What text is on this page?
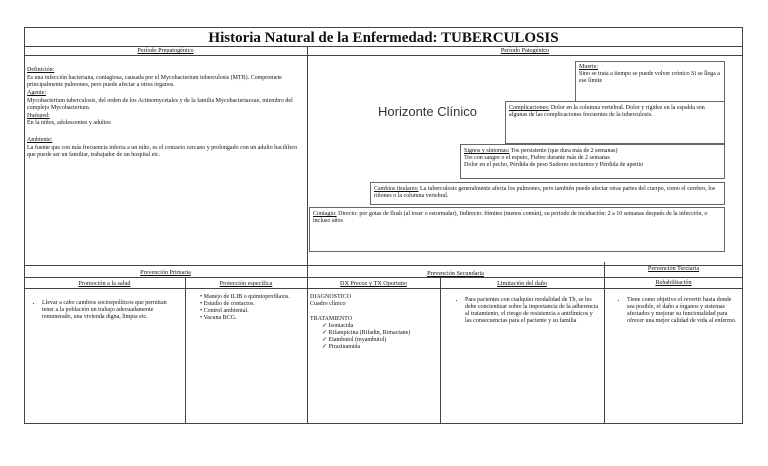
Historia Natural de la Enfermedad: TUBERCULOSIS
Período Prepatogénico
Definición:
Es una infección bacteriana, contagiosa, causada por el Mycobacterium tuberculosis (MTB). Compromete principalmente pulmones, pero puede afectar a otros órganos.
Agente:
Mycobacterium tuberculosis, del orden de los Actinomycetales y de la familia Mycobacteriaceae, miembro del complejo Mycobacterium.
Huésped:
En la niños, adolescentes y adultos
Ambiente:
La fuente que con más frecuencia infecta a un niño, es el contacto cercano y prolongado con un adulto bacilífero que puede ser un familiar, trabajador de un hospital etc.
Período Patogénico
Muerte:
Sino se trata a tiempo se puede volver crónico Si se llega a ese límite
Horizonte Clínico	Complicaciones: Dolor en la columna vertebral. Dolor y rigidez en la espalda son algunas de las complicaciones frecuentes de la tuberculosis.
Signos y síntomas: Tos persistente (que dura más de 2 semanas)
Tos con sangre o el esputo, Fiebre durante más de 2 semanas
Dolor en el pecho, Pérdida de peso Sudores nocturnos y Pérdida de apetito
Cambios tisulares: La tuberculosis generalmente afecta los pulmones, pero también puede afectar otras partes del cuerpo, como el cerebro, los riñones o la columna vertebral.
Contagio: Directo: por gotas de flush (al toser o estornudar), Indirecto: fómites (menos común), su periodo de incubación: 2 a 10 semanas después de la infección, o incluso años
Prevención Primaria
Promoción a la salud	Protección específica
• Llevar a cabo cambios socioepolíticos que permitan tener a la población un trabajo adecuadamente remunerado, una vivienda digna, limpia etc.
• Manejo de ILIB o quimioprofilaxis.
• Estudio de contactos.
• Control ambiental.
• Vacuna BCG.
Prevención Secundaria
DX Precoz y TX Oportuno	Limitación del daño
DIAGNOSTICO
Cuadro clínico
TRATAMIENTO
✓ Isoniacida
✓ Rifampicina (Rifadin, Rimactane)
✓ Etambutol (myambutol)
✓ Pirazinamida
• Para pacientes con cualquier modalidad de Tb, se les debe concientizar sobre la importancia de la adherencia al tratamiento, el riesgo de resistencia a antifímicos y las consecuencias para el paciente y su familia
Prevención Terciaria
Rehabilitación
• Tiene como objetivo el revertir hasta donde sea posible, el daño a órganos y sistemas afectados y mejorar su funcionalidad para ofrecer una mejor calidad de vida al enfermo.
